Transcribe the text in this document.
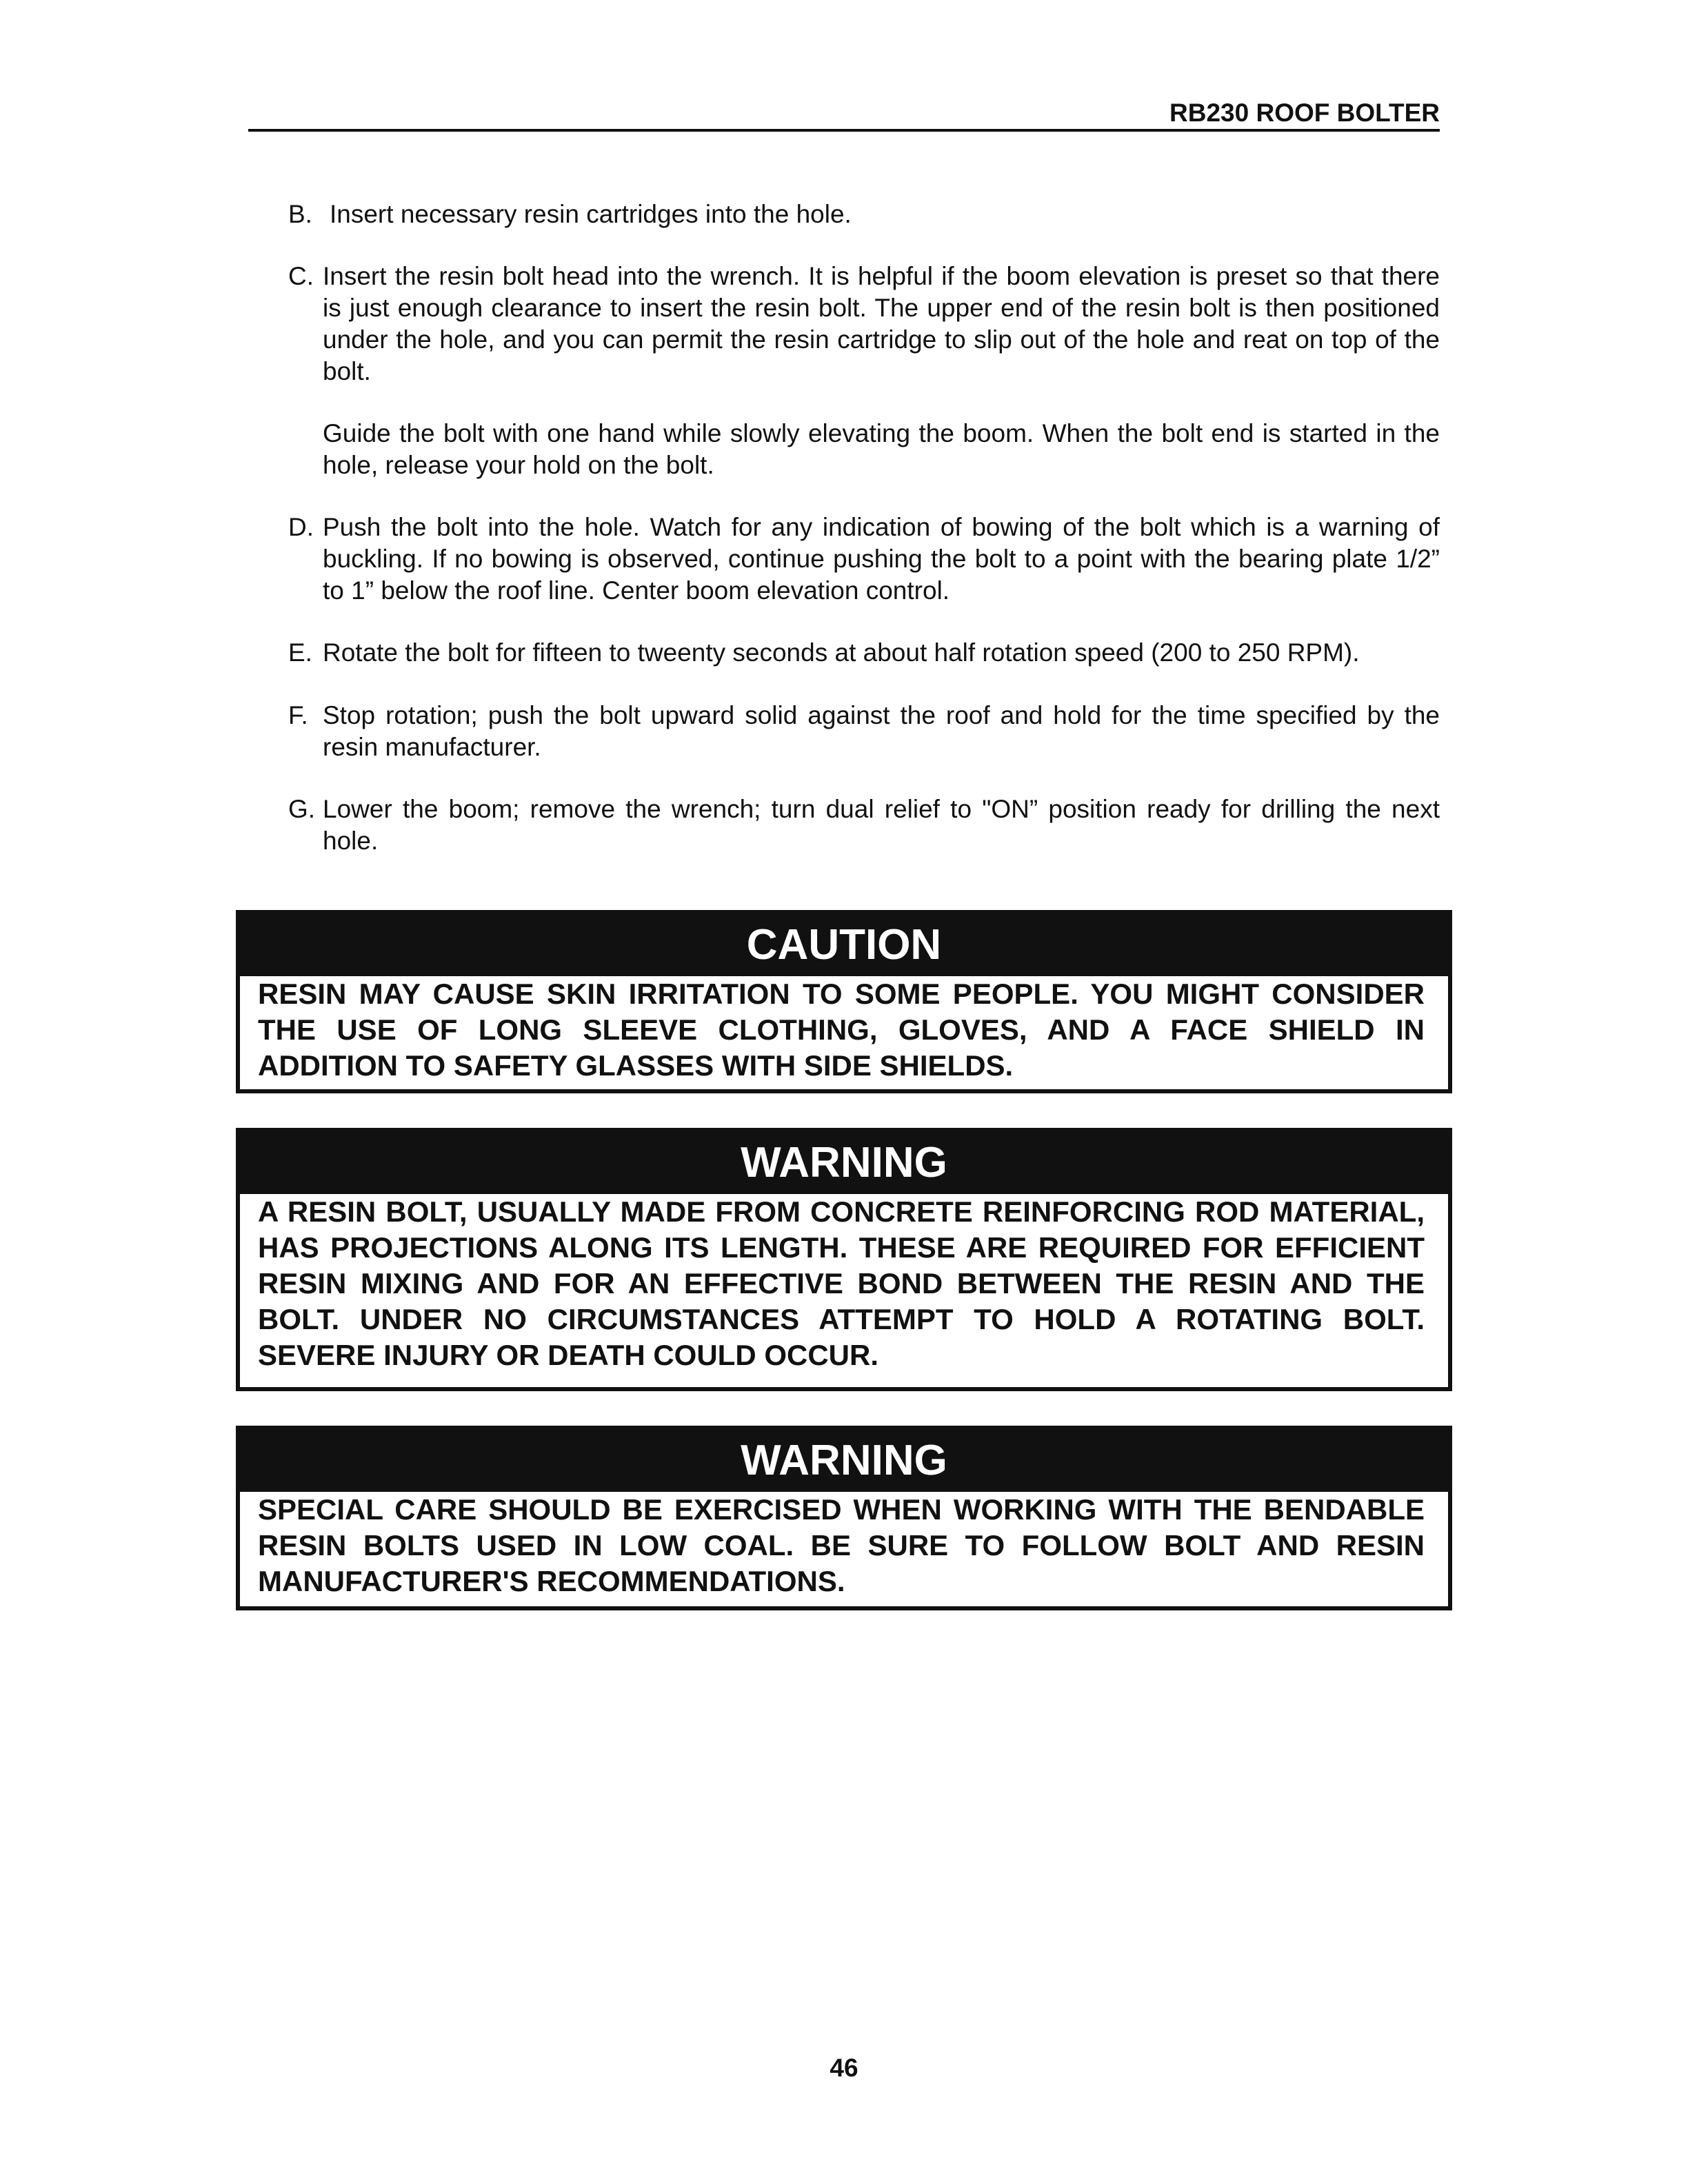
RB230 ROOF BOLTER
B. Insert necessary resin cartridges into the hole.
C. Insert the resin bolt head into the wrench. It is helpful if the boom elevation is preset so that there is just enough clearance to insert the resin bolt. The upper end of the resin bolt is then positioned under the hole, and you can permit the resin cartridge to slip out of the hole and reat on top of the bolt.
Guide the bolt with one hand while slowly elevating the boom. When the bolt end is started in the hole, release your hold on the bolt.
D. Push the bolt into the hole. Watch for any indication of bowing of the bolt which is a warning of buckling. If no bowing is observed, continue pushing the bolt to a point with the bearing plate 1/2” to 1” below the roof line. Center boom elevation control.
E. Rotate the bolt for fifteen to tweenty seconds at about half rotation speed (200 to 250 RPM).
F. Stop rotation; push the bolt upward solid against the roof and hold for the time specified by the resin manufacturer.
G. Lower the boom; remove the wrench; turn dual relief to "ON” position ready for drilling the next hole.
CAUTION
RESIN MAY CAUSE SKIN IRRITATION TO SOME PEOPLE. YOU MIGHT CONSIDER THE USE OF LONG SLEEVE CLOTHING, GLOVES, AND A FACE SHIELD IN ADDITION TO SAFETY GLASSES WITH SIDE SHIELDS.
WARNING
A RESIN BOLT, USUALLY MADE FROM CONCRETE REINFORCING ROD MATERIAL, HAS PROJECTIONS ALONG ITS LENGTH. THESE ARE REQUIRED FOR EFFICIENT RESIN MIXING AND FOR AN EFFECTIVE BOND BETWEEN THE RESIN AND THE BOLT. UNDER NO CIRCUMSTANCES ATTEMPT TO HOLD A ROTATING BOLT. SEVERE INJURY OR DEATH COULD OCCUR.
WARNING
SPECIAL CARE SHOULD BE EXERCISED WHEN WORKING WITH THE BENDABLE RESIN BOLTS USED IN LOW COAL. BE SURE TO FOLLOW BOLT AND RESIN MANUFACTURER'S RECOMMENDATIONS.
46
